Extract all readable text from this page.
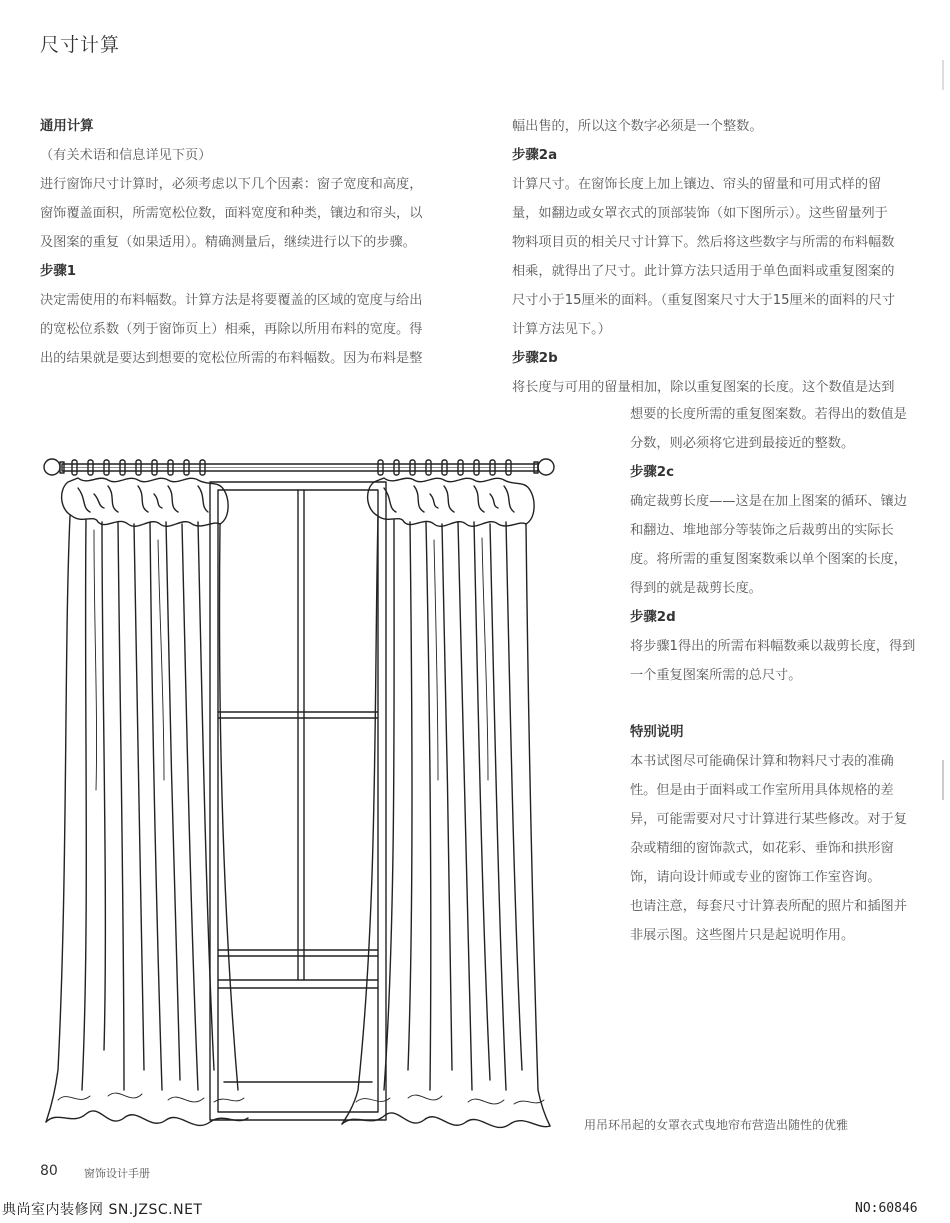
尺寸计算

通用计算

（有关术语和信息详见下页）

进行窗饰尺寸计算时，必须考虑以下几个因素：窗子宽度和高度，

窗饰覆盖面积，所需宽松位数，面料宽度和种类，镶边和帘头，以

及图案的重复（如果适用）。精确测量后，继续进行以下的步骤。

步骤1

决定需使用的布料幅数。计算方法是将要覆盖的区域的宽度与给出

的宽松位系数（列于窗饰页上）相乘，再除以所用布料的宽度。得

出的结果就是要达到想要的宽松位所需的布料幅数。因为布料是整

幅出售的，所以这个数字必须是一个整数。

步骤2a

计算尺寸。在窗饰长度上加上镶边、帘头的留量和可用式样的留

量，如翻边或女罩衣式的顶部装饰（如下图所示）。这些留量列于

物料项目页的相关尺寸计算下。然后将这些数字与所需的布料幅数

相乘，就得出了尺寸。此计算方法只适用于单色面料或重复图案的

尺寸小于15厘米的面料。（重复图案尺寸大于15厘米的面料的尺寸

计算方法见下。）

步骤2b

将长度与可用的留量相加，除以重复图案的长度。这个数值是达到

想要的长度所需的重复图案数。若得出的数值是

分数，则必须将它进到最接近的整数。

步骤2c

确定裁剪长度——这是在加上图案的循环、镶边

和翻边、堆地部分等装饰之后裁剪出的实际长

度。将所需的重复图案数乘以单个图案的长度，

得到的就是裁剪长度。

步骤2d

将步骤1得出的所需布料幅数乘以裁剪长度，得到

一个重复图案所需的总尺寸。

特别说明

本书试图尽可能确保计算和物料尺寸表的准确

性。但是由于面料或工作室所用具体规格的差

异，可能需要对尺寸计算进行某些修改。对于复

杂或精细的窗饰款式，如花彩、垂饰和拱形窗

饰，请向设计师或专业的窗饰工作室咨询。

也请注意，每套尺寸计算表所配的照片和插图并

非展示图。这些图片只是起说明作用。

用吊环吊起的女罩衣式曳地帘布营造出随性的优雅
80 窗饰设计手册
典尚室内装修网 SN.JZSC.NET	NO:60846
